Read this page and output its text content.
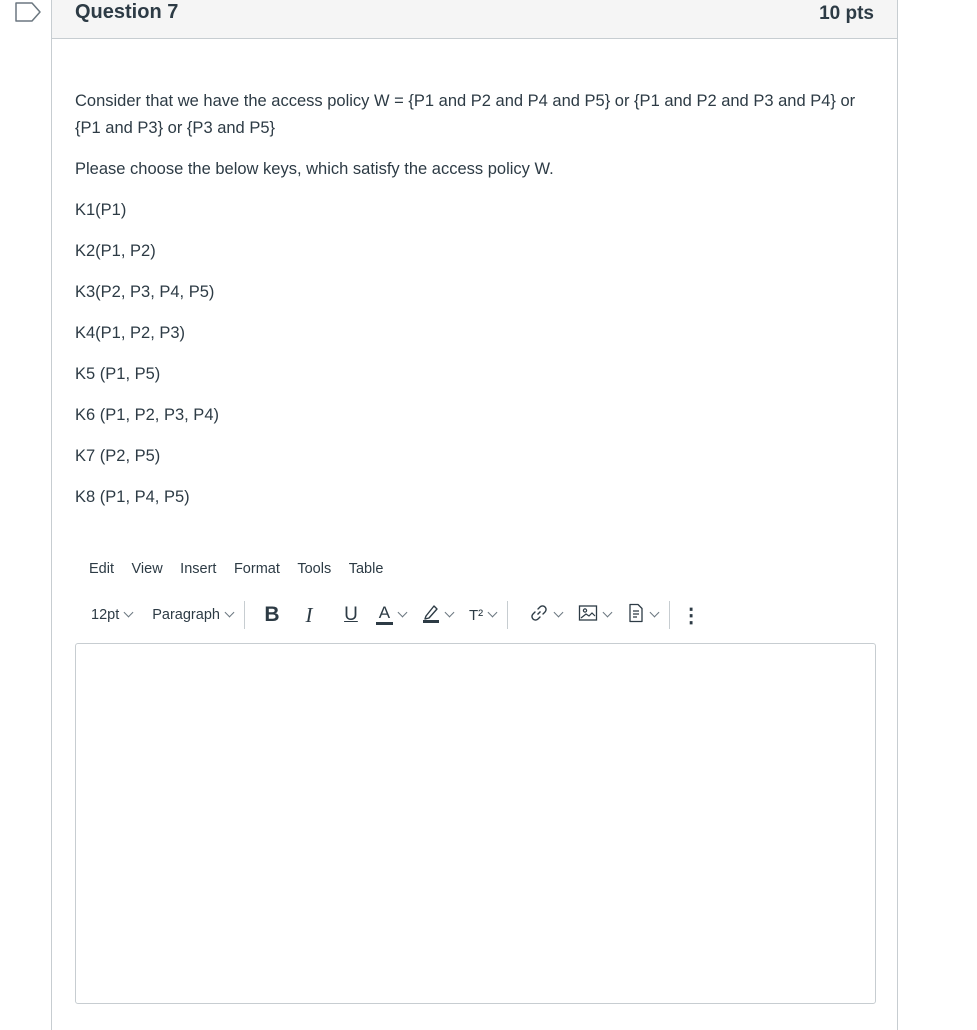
Question 7	10 pts

Consider that we have the access policy W = {P1 and P2 and P4 and P5} or {P1 and P2 and P3 and P4} or {P1 and P3} or {P3 and P5}

Please choose the below keys, which satisfy the access policy W.

K1(P1)

K2(P1, P2)

K3(P2, P3, P4, P5)

K4(P1, P2, P3)

K5 (P1, P5)

K6 (P1, P2, P3, P4)

K7 (P2, P5)

K8 (P1, P4, P5)

Edit View Insert Format Tools Table
12pt Paragraph B I U A	T²	⋮
